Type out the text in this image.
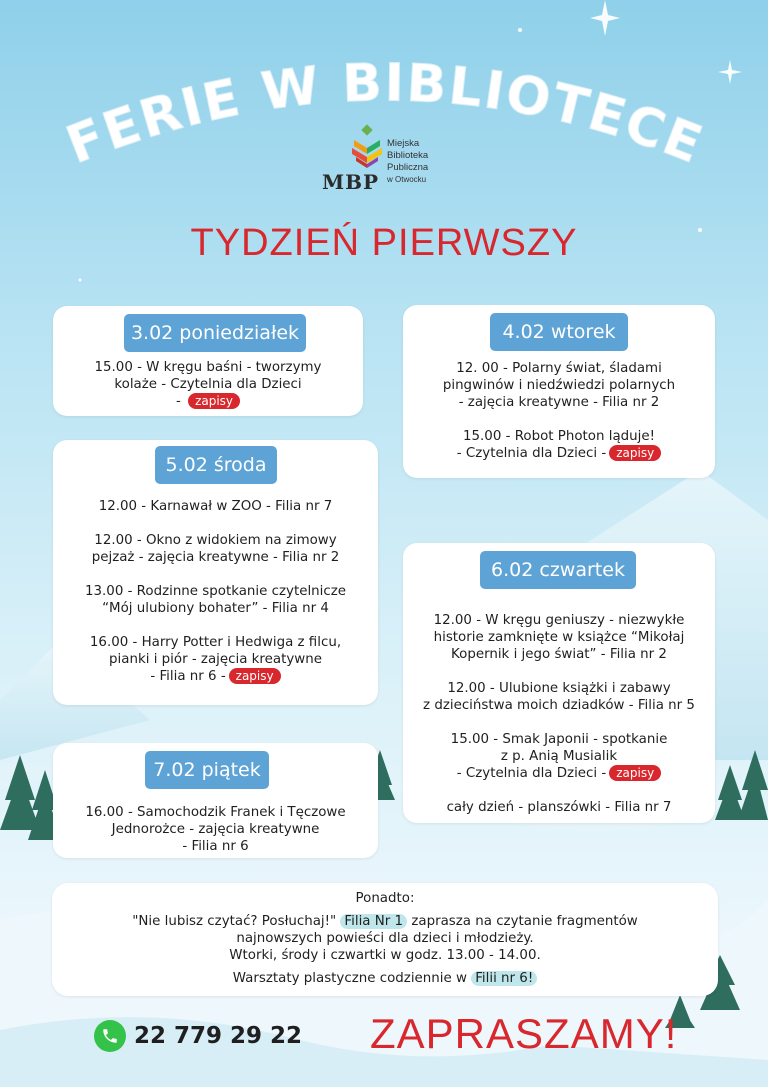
FERIE W BIBLIOTECE
MBP
Miejska
Biblioteka
Publiczna
w Otwocku
TYDZIEŃ PIERWSZY
3.02 poniedziałek

15.00 - W kręgu baśni - tworzymy

kolaże - Czytelnia dla Dzieci

- zapisy

4.02 wtorek

12. 00 - Polarny świat, śladami

pingwinów i niedźwiedzi polarnych

- zajęcia kreatywne - Filia nr 2

15.00 - Robot Photon ląduje!

- Czytelnia dla Dzieci - zapisy

5.02 środa

12.00 - Karnawał w ZOO - Filia nr 7

12.00 - Okno z widokiem na zimowy

pejzaż - zajęcia kreatywne - Filia nr 2

13.00 - Rodzinne spotkanie czytelnicze

“Mój ulubiony bohater” - Filia nr 4

16.00 - Harry Potter i Hedwiga z filcu,

pianki i piór - zajęcia kreatywne

- Filia nr 6 - zapisy

6.02 czwartek

12.00 - W kręgu geniuszy - niezwykłe

historie zamknięte w książce “Mikołaj

Kopernik i jego świat” - Filia nr 2

12.00 - Ulubione książki i zabawy

z dzieciństwa moich dziadków - Filia nr 5

15.00 - Smak Japonii - spotkanie

z p. Anią Musialik

- Czytelnia dla Dzieci - zapisy

cały dzień - planszówki - Filia nr 7

7.02 piątek

16.00 - Samochodzik Franek i Tęczowe

Jednorożce - zajęcia kreatywne

- Filia nr 6

Ponadto:

"Nie lubisz czytać? Posłuchaj!" Filia Nr 1 zaprasza na czytanie fragmentów

najnowszych powieści dla dzieci i młodzieży.

Wtorki, środy i czwartki w godz. 13.00 - 14.00.

Warsztaty plastyczne codziennie w Filii nr 6!

22 779 29 22 ZAPRASZAMY!
